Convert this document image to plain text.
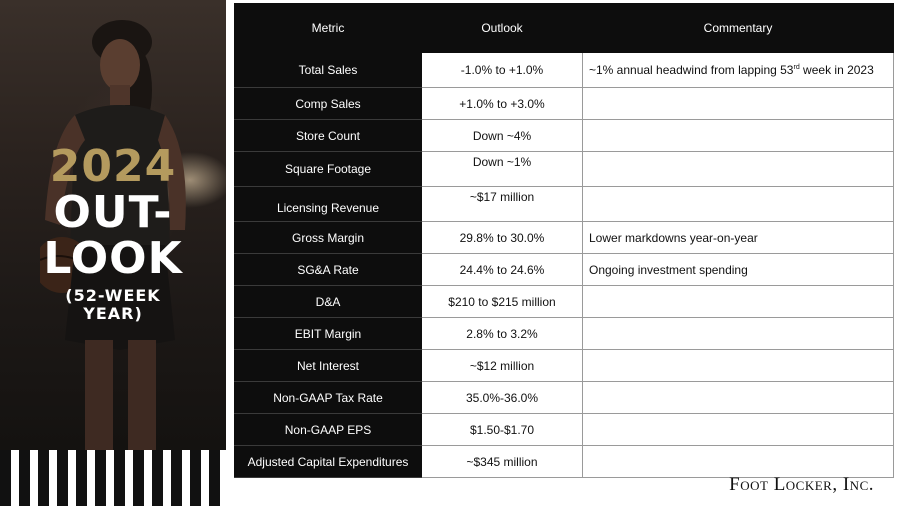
2024
OUT-
LOOK
(52-WEEK
YEAR)
Metric	Outlook	Commentary
Total Sales	-1.0% to +1.0%	~1% annual headwind from lapping 53rd week in 2023
Comp Sales	+1.0% to +3.0%	
Store Count	Down ~4%	
Square Footage	Down ~1%	
Licensing Revenue	~$17 million	
Gross Margin	29.8% to 30.0%	Lower markdowns year-on-year
SG&A Rate	24.4% to 24.6%	Ongoing investment spending
D&A	$210 to $215 million	
EBIT Margin	2.8% to 3.2%	
Net Interest	~$12 million	
Non-GAAP Tax Rate	35.0%-36.0%	
Non-GAAP EPS	$1.50-$1.70	
Adjusted Capital Expenditures	~$345 million	
Foot Locker, Inc.
